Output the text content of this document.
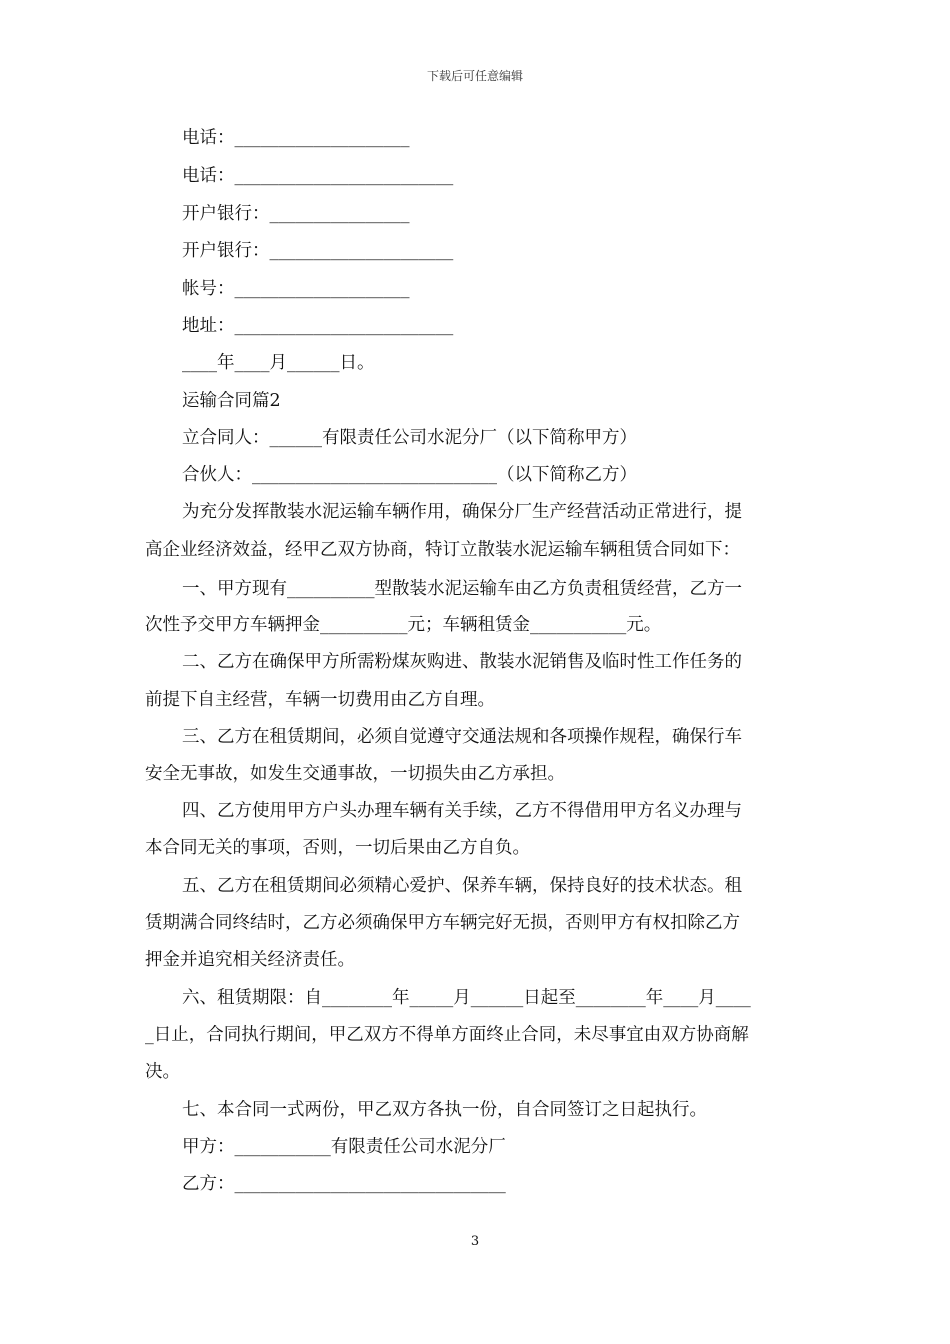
下载后可任意编辑
电话：____________________
电话：_________________________
开户银行：________________
开户银行：_____________________
帐号：____________________
地址：_________________________
____年____月______日。
运输合同篇2
立合同人：______有限责任公司水泥分厂（以下简称甲方）
合伙人：____________________________（以下简称乙方）
为充分发挥散装水泥运输车辆作用，确保分厂生产经营活动正常进行，提
高企业经济效益，经甲乙双方协商，特订立散装水泥运输车辆租赁合同如下：
一、甲方现有__________型散装水泥运输车由乙方负责租赁经营，乙方一
次性予交甲方车辆押金__________元；车辆租赁金___________元。
二、乙方在确保甲方所需粉煤灰购进、散装水泥销售及临时性工作任务的
前提下自主经营，车辆一切费用由乙方自理。
三、乙方在租赁期间，必须自觉遵守交通法规和各项操作规程，确保行车
安全无事故，如发生交通事故，一切损失由乙方承担。
四、乙方使用甲方户头办理车辆有关手续，乙方不得借用甲方名义办理与
本合同无关的事项，否则，一切后果由乙方自负。
五、乙方在租赁期间必须精心爱护、保养车辆，保持良好的技术状态。租
赁期满合同终结时，乙方必须确保甲方车辆完好无损，否则甲方有权扣除乙方
押金并追究相关经济责任。
六、租赁期限：自________年_____月______日起至________年____月____
_日止，合同执行期间，甲乙双方不得单方面终止合同，未尽事宜由双方协商解
决。
七、本合同一式两份，甲乙双方各执一份，自合同签订之日起执行。
甲方：___________有限责任公司水泥分厂
乙方：_______________________________
3
